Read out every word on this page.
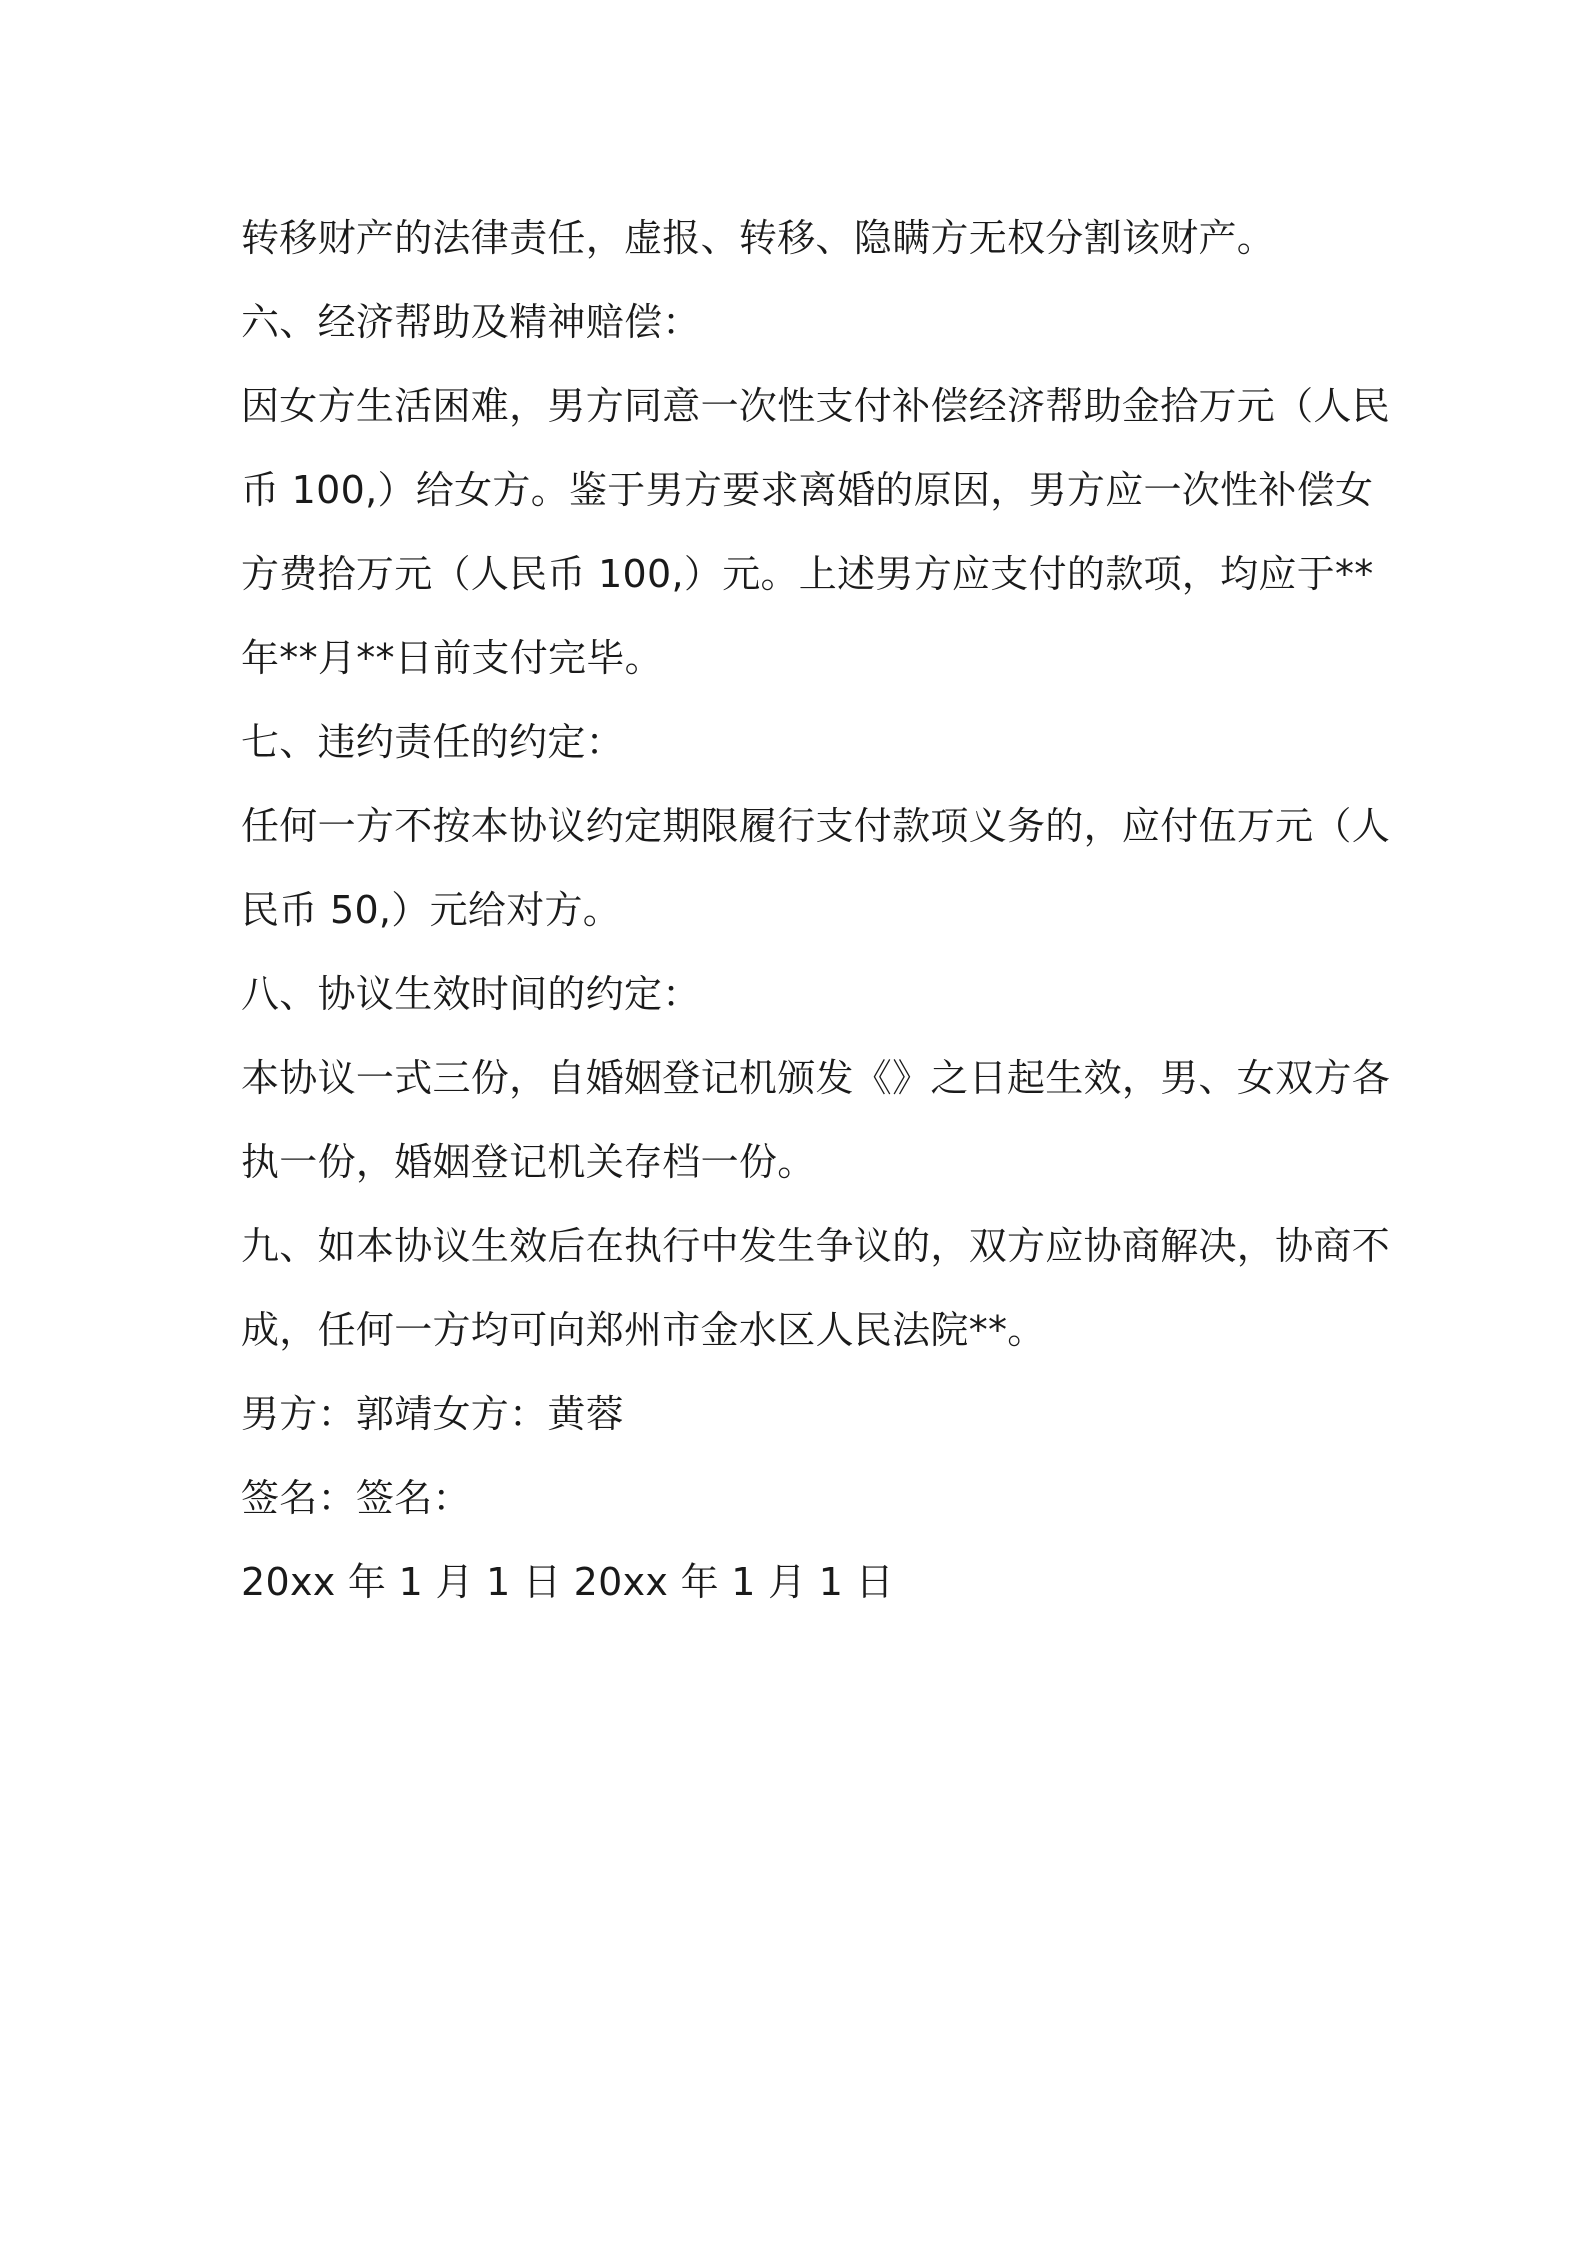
转移财产的法律责任，虚报、转移、隐瞒方无权分割该财产。
六、经济帮助及精神赔偿：
因女方生活困难，男方同意一次性支付补偿经济帮助金拾万元（人民
币 100,）给女方。鉴于男方要求离婚的原因，男方应一次性补偿女
方费拾万元（人民币 100,）元。上述男方应支付的款项，均应于**
年**月**日前支付完毕。
七、违约责任的约定：
任何一方不按本协议约定期限履行支付款项义务的，应付伍万元（人
民币 50,）元给对方。
八、协议生效时间的约定：
本协议一式三份，自婚姻登记机颁发《》之日起生效，男、女双方各
执一份，婚姻登记机关存档一份。
九、如本协议生效后在执行中发生争议的，双方应协商解决，协商不
成，任何一方均可向郑州市金水区人民法院**。
男方：郭靖女方：黄蓉
签名：签名：
20xx 年 1 月 1 日 20xx 年 1 月 1 日
